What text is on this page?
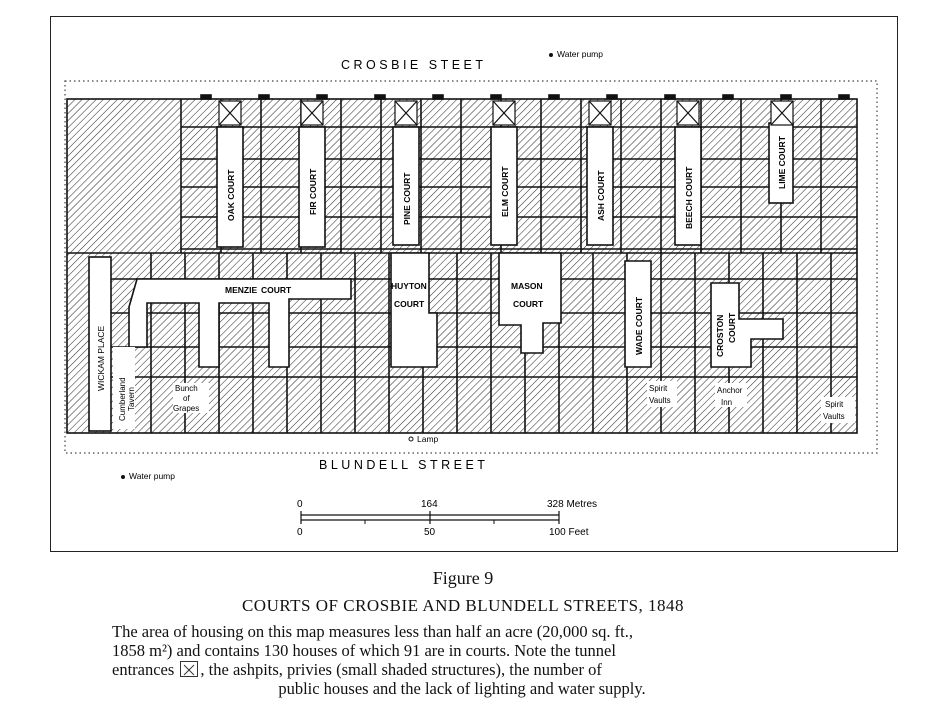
CROSBIE STEET
BLUNDELL STREET
WICKAM PLACE
OAK COURT	FIR COURT	PINE COURT	ELM COURT	ASH COURT	BEECH COURT
LIME COURT
WADE COURT	CROSTON COURT
MENZIE COURT	HUYTON
COURT
MASON
COURT
Cumberland Tavern	Bunch
of
Grapes
Spirit
Vaults
Anchor
Inn	Spirit
Vaults
Water pump
Water pump
Lamp
0	164	328 Metres
0	50	100 Feet
Figure 9
COURTS OF CROSBIE AND BLUNDELL STREETS, 1848
The area of housing on this map measures less than half an acre (20,000 sq. ft.,
1858 m²) and contains 130 houses of which 91 are in courts. Note the tunnel
entrances , the ashpits, privies (small shaded structures), the number of
public houses and the lack of lighting and water supply.
